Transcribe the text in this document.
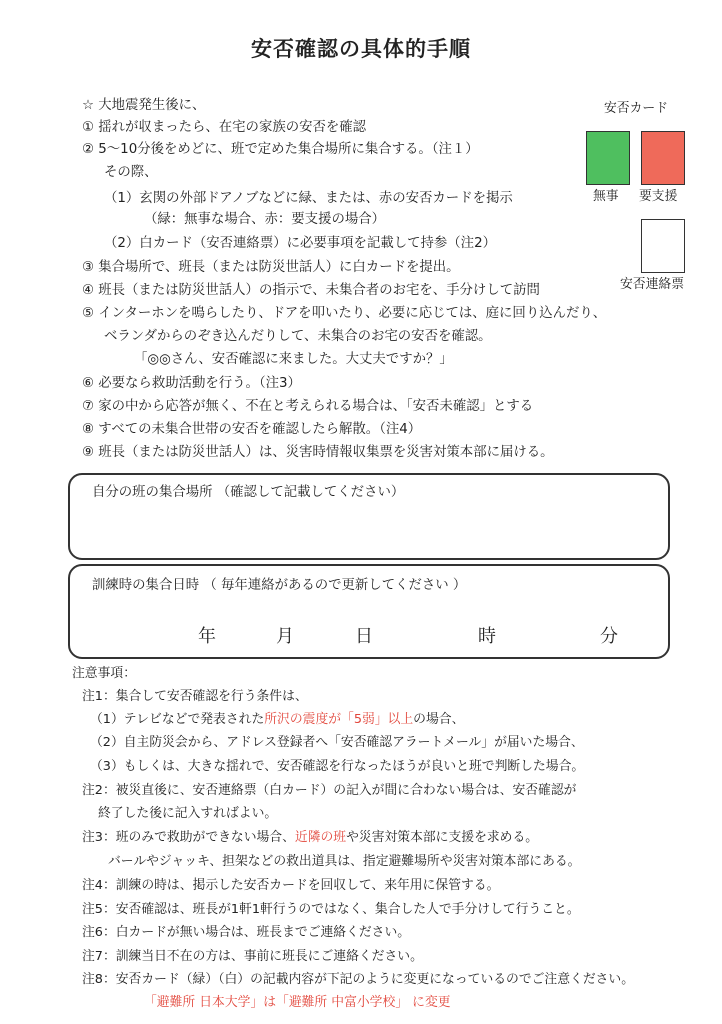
安否確認の具体的手順
安否カード
無事 要支援
安否連絡票
☆ 大地震発生後に、
① 揺れが収まったら、在宅の家族の安否を確認
② 5～10分後をめどに、班で定めた集合場所に集合する。（注１）
その際、
（1）玄関の外部ドアノブなどに緑、または、赤の安否カードを掲示
（緑：無事な場合、赤：要支援の場合）
（2）白カード（安否連絡票）に必要事項を記載して持参（注2）
③ 集合場所で、班長（または防災世話人）に白カードを提出。
④ 班長（または防災世話人）の指示で、未集合者のお宅を、手分けして訪問
⑤ インターホンを鳴らしたり、ドアを叩いたり、必要に応じては、庭に回り込んだり、
ベランダからのぞき込んだりして、未集合のお宅の安否を確認。
「◎◎さん、安否確認に来ました。大丈夫ですか？」
⑥ 必要なら救助活動を行う。（注3）
⑦ 家の中から応答が無く、不在と考えられる場合は、「安否未確認」とする
⑧ すべての未集合世帯の安否を確認したら解散。（注4）
⑨ 班長（または防災世話人）は、災害時情報収集票を災害対策本部に届ける。
自分の班の集合場所 （確認して記載してください）
訓練時の集合日時 （ 毎年連絡があるので更新してください ）
年	月	日	時	分
注意事項：
注1：集合して安否確認を行う条件は、
（1）テレビなどで発表された所沢の震度が「5弱」以上の場合、
（2）自主防災会から、アドレス登録者へ「安否確認アラートメール」が届いた場合、
（3）もしくは、大きな揺れで、安否確認を行なったほうが良いと班で判断した場合。
注2：被災直後に、安否連絡票（白カード）の記入が間に合わない場合は、安否確認が
終了した後に記入すればよい。
注3：班のみで救助ができない場合、近隣の班や災害対策本部に支援を求める。
バールやジャッキ、担架などの救出道具は、指定避難場所や災害対策本部にある。
注4：訓練の時は、掲示した安否カードを回収して、来年用に保管する。
注5：安否確認は、班長が1軒1軒行うのではなく、集合した人で手分けして行うこと。
注6：白カードが無い場合は、班長までご連絡ください。
注7：訓練当日不在の方は、事前に班長にご連絡ください。
注8：安否カード（緑）（白）の記載内容が下記のように変更になっているのでご注意ください。
「避難所 日本大学」は「避難所 中富小学校」 に変更
